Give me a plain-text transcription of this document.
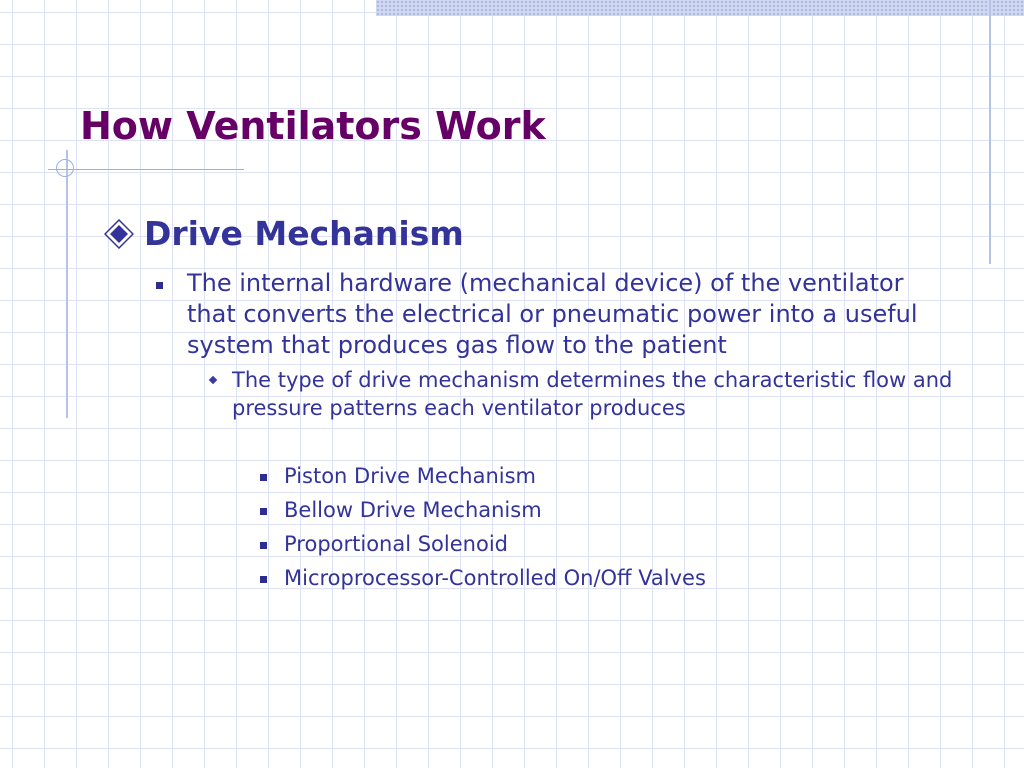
How Ventilators Work
Drive Mechanism
The internal hardware (mechanical device) of the ventilator that converts the electrical or pneumatic power into a useful system that produces gas flow to the patient
The type of drive mechanism determines the characteristic flow and pressure patterns each ventilator produces
Piston Drive Mechanism
Bellow Drive Mechanism
Proportional Solenoid
Microprocessor-Controlled On/Off Valves
